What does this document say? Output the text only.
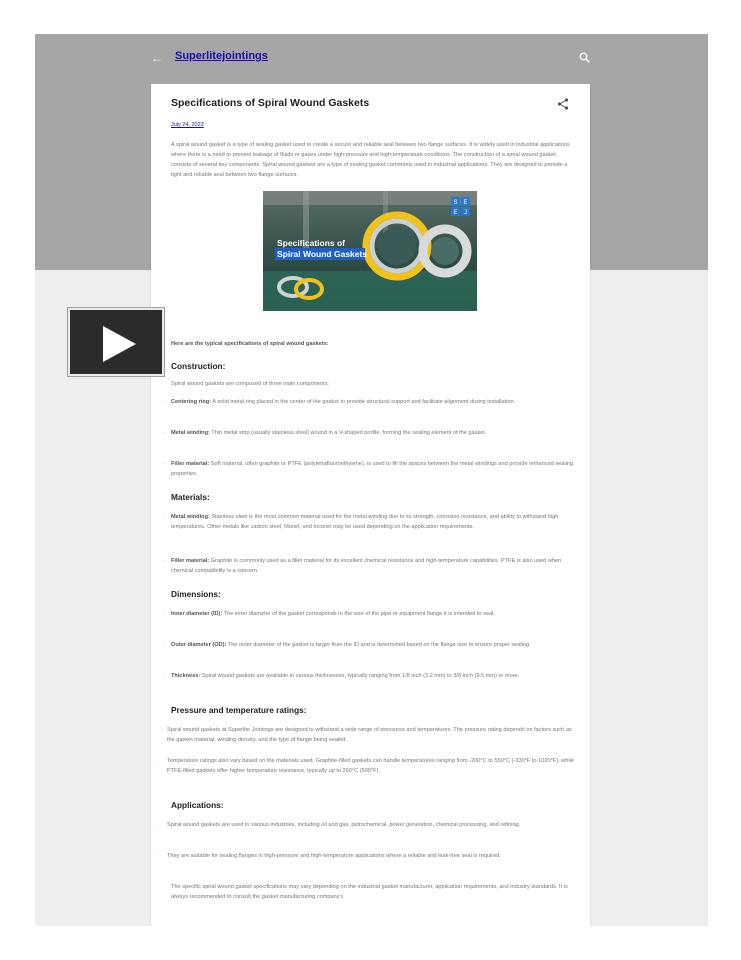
← Superlitejointings
Specifications of Spiral Wound Gaskets
July 24, 2023
A spiral wound gasket is a type of sealing gasket used to create a secure and reliable seal between two flange surfaces. It is widely used in industrial applications where there is a need to prevent leakage of fluids or gases under high-pressure and high-temperature conditions. The construction of a spiral wound gasket consists of several key components. Spiral wound gaskets are a type of sealing gasket commonly used in industrial applications. They are designed to provide a tight and reliable seal between two flange surfaces.
S E
E J
Specifications of
Spiral Wound Gaskets
Here are the typical specifications of spiral wound gaskets:
Construction:
Spiral wound gaskets are composed of three main components:
· Centering ring: A solid metal ring placed in the center of the gasket to provide structural support and facilitate alignment during installation.
· Metal winding: Thin metal strip (usually stainless steel) wound in a V-shaped profile, forming the sealing element of the gasket.
· Filler material: Soft material, often graphite or PTFE (polytetrafluoroethylene), is used to fill the spaces between the metal windings and provide enhanced sealing properties.
Materials:
· Metal winding: Stainless steel is the most common material used for the metal winding due to its strength, corrosion resistance, and ability to withstand high temperatures. Other metals like carbon steel, Monel, and Inconel may be used depending on the application requirements.
· Filler material: Graphite is commonly used as a filler material for its excellent chemical resistance and high-temperature capabilities. PTFE is also used when chemical compatibility is a concern.
Dimensions:
· Inner diameter (ID): The inner diameter of the gasket corresponds to the size of the pipe or equipment flange it is intended to seal.
· Outer diameter (OD): The outer diameter of the gasket is larger than the ID and is determined based on the flange size to ensure proper sealing.
· Thickness: Spiral wound gaskets are available in various thicknesses, typically ranging from 1/8 inch (3.2 mm) to 3/8 inch (9.5 mm) or more.
Pressure and temperature ratings:
· Spiral wound gaskets at Superlite Jointings are designed to withstand a wide range of pressures and temperatures. The pressure rating depends on factors such as the gasket material, winding density, and the type of flange being sealed.
· Temperature ratings also vary based on the materials used. Graphite-filled gaskets can handle temperatures ranging from -200°C to 550°C (-330°F to 1020°F), while PTFE-filled gaskets offer higher temperature resistance, typically up to 260°C (500°F).
Applications:
· Spiral wound gaskets are used in various industries, including oil and gas, petrochemical, power generation, chemical processing, and refining.
· They are suitable for sealing flanges in high-pressure and high-temperature applications where a reliable and leak-free seal is required.
The specific spiral wound gasket specifications may vary depending on the industrial gasket manufacturer, application requirements, and industry standards. It is always recommended to consult the gasket manufacturing company's
